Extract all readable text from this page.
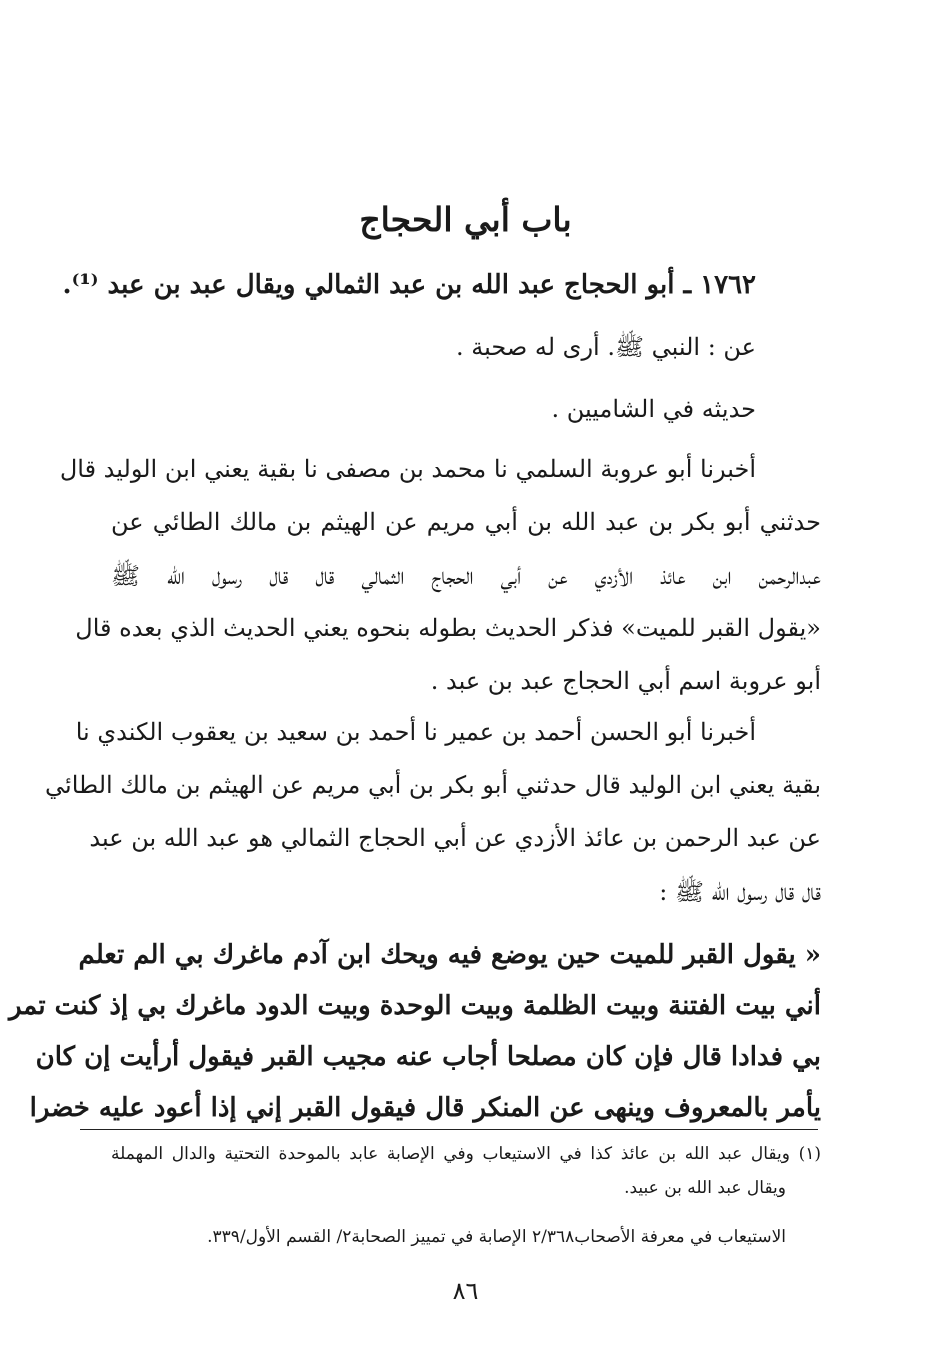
باب أبي الحجاج
١٧٦٢ ـ أبو الحجاج عبد الله بن عبد الثمالي ويقال عبد بن عبد ⁽¹⁾.
عن : النبي ﷺ. أرى له صحبة .
حديثه في الشاميين .
أخبرنا أبو عروبة السلمي نا محمد بن مصفى نا بقية يعني ابن الوليد قال
حدثني أبو بكر بن عبد الله بن أبي مريم عن الهيثم بن مالك الطائي عن
عبدالرحمن ابن عائذ الأزدي عن أبي الحجاج الثمالي قال قال رسول الله ﷺ
«يقول القبر للميت» فذكر الحديث بطوله بنحوه يعني الحديث الذي بعده قال
أبو عروبة اسم أبي الحجاج عبد بن عبد .
أخبرنا أبو الحسن أحمد بن عمير نا أحمد بن سعيد بن يعقوب الكندي نا
بقية يعني ابن الوليد قال حدثني أبو بكر بن أبي مريم عن الهيثم بن مالك الطائي
عن عبد الرحمن بن عائذ الأزدي عن أبي الحجاج الثمالي هو عبد الله بن عبد
قال قال رسول الله ﷺ :
« يقول القبر للميت حين يوضع فيه ويحك ابن آدم ماغرك بي الم تعلم
أني بيت الفتنة وبيت الظلمة وبيت الوحدة وبيت الدود ماغرك بي إذ كنت تمر
بي فدادا قال فإن كان مصلحا أجاب عنه مجيب القبر فيقول أرأيت إن كان
يأمر بالمعروف وينهى عن المنكر قال فيقول القبر إني إذا أعود عليه خضرا
(١) ويقال عبد الله بن عائذ كذا في الاستيعاب وفي الإصابة عابد بالموحدة التحتية والدال المهملة
ويقال عبد الله بن عبيد.
الاستيعاب في معرفة الأصحاب٢/٣٦٨ الإصابة في تمييز الصحابة٢/ القسم الأول/٣٣٩.
٨٦
